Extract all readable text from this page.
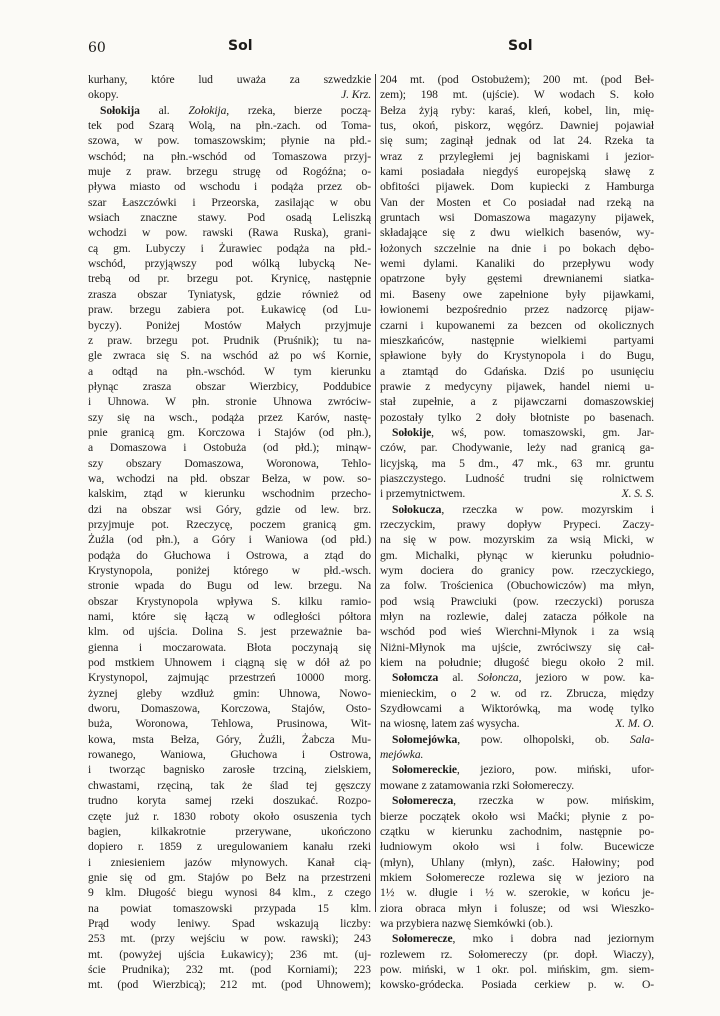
60	Sol	Sol
kurhany, które lud uważa za szwedzkie
J. Krz.
okopy.
Sołokija al. Zołokija, rzeka, bierze począ-
tek pod Szarą Wolą, na płn.-zach. od Toma-
szowa, w pow. tomaszowskim; płynie na płd.-
wschód; na płn.-wschód od Tomaszowa przyj-
muje z praw. brzegu strugę od Rogóźna; o-
pływa miasto od wschodu i podąża przez ob-
szar Łaszczówki i Przeorska, zasilając w obu
wsiach znaczne stawy. Pod osadą Leliszką
wchodzi w pow. rawski (Rawa Ruska), grani-
cą gm. Lubyczy i Żurawiec podąża na płd.-
wschód, przyjąwszy pod wólką lubycką Ne-
trebą od pr. brzegu pot. Krynicę, następnie
zrasza obszar Tyniatysk, gdzie również od
praw. brzegu zabiera pot. Łukawicę (od Lu-
byczy). Poniżej Mostów Małych przyjmuje
z praw. brzegu pot. Prudnik (Pruśnik); tu na-
gle zwraca się S. na wschód aż po wś Kornie,
a odtąd na płn.-wschód. W tym kierunku
płynąc zrasza obszar Wierzbicy, Poddubice
i Uhnowa. W płn. stronie Uhnowa zwróciw-
szy się na wsch., podąża przez Karów, nastę-
pnie granicą gm. Korczowa i Stajów (od płn.),
a Domaszowa i Ostobuża (od płd.); minąw-
szy obszary Domaszowa, Woronowa, Tehlo-
wa, wchodzi na płd. obszar Bełza, w pow. so-
kalskim, ztąd w kierunku wschodnim przecho-
dzi na obszar wsi Góry, gdzie od lew. brz.
przyjmuje pot. Rzeczycę, poczem granicą gm.
Żuźla (od płn.), a Góry i Waniowa (od płd.)
podąża do Głuchowa i Ostrowa, a ztąd do
Krystynopola, poniżej którego w płd.-wsch.
stronie wpada do Bugu od lew. brzegu. Na
obszar Krystynopola wpływa S. kilku ramio-
nami, które się łączą w odległości półtora
klm. od ujścia. Dolina S. jest przeważnie ba-
gienna i moczarowata. Błota poczynają się
pod mstkiem Uhnowem i ciągną się w dół aż po
Krystynopol, zajmując przestrzeń 10000 morg.
żyznej gleby wzdłuż gmin: Uhnowa, Nowo-
dworu, Domaszowa, Korczowa, Stajów, Osto-
buża, Woronowa, Tehlowa, Prusinowa, Wit-
kowa, msta Bełza, Góry, Żuźli, Żabcza Mu-
rowanego, Waniowa, Głuchowa i Ostrowa,
i tworząc bagnisko zarosłe trzciną, zielskiem,
chwastami, rzęciną, tak że ślad tej gęszczy
trudno koryta samej rzeki doszukać. Rozpo-
częte już r. 1830 roboty około osuszenia tych
bagien, kilkakrotnie przerywane, ukończono
dopiero r. 1859 z uregulowaniem kanału rzeki
i zniesieniem jazów młynowych. Kanał cią-
gnie się od gm. Stajów po Bełz na przestrzeni
9 klm. Długość biegu wynosi 84 klm., z czego
na powiat tomaszowski przypada 15 klm.
Prąd wody leniwy. Spad wskazują liczby:
253 mt. (przy wejściu w pow. rawski); 243
mt. (powyżej ujścia Łukawicy); 236 mt. (uj-
ście Prudnika); 232 mt. (pod Korniami); 223
mt. (pod Wierzbicą); 212 mt. (pod Uhnowem);
204 mt. (pod Ostobużem); 200 mt. (pod Beł-
zem); 198 mt. (ujście). W wodach S. koło
Bełza żyją ryby: karaś, kleń, kobel, lin, mię-
tus, okoń, piskorz, węgórz. Dawniej pojawiał
się sum; zaginął jednak od lat 24. Rzeka ta
wraz z przyległemi jej bagniskami i jezior-
kami posiadała niegdyś europejską sławę z
obfitości pijawek. Dom kupiecki z Hamburga
Van der Mosten et Co posiadał nad rzeką na
gruntach wsi Domaszowa magazyny pijawek,
składające się z dwu wielkich basenów, wy-
łożonych szczelnie na dnie i po bokach dębo-
wemi dylami. Kanaliki do przepływu wody
opatrzone były gęstemi drewnianemi siatka-
mi. Baseny owe zapełnione były pijawkami,
łowionemi bezpośrednio przez nadzorcę pijaw-
czarni i kupowanemi za bezcen od okolicznych
mieszkańców, następnie wielkiemi partyami
spławione były do Krystynopola i do Bugu,
a ztamtąd do Gdańska. Dziś po usunięciu
prawie z medycyny pijawek, handel niemi u-
stał zupełnie, a z pijawczarni domaszowskiej
pozostały tylko 2 doły błotniste po basenach.
Sołokije, wś, pow. tomaszowski, gm. Jar-
czów, par. Chodywanie, leży nad granicą ga-
licyjską, ma 5 dm., 47 mk., 63 mr. gruntu
piaszczystego. Ludność trudni się rolnictwem
X. S. S.
i przemytnictwem.
Sołokucza, rzeczka w pow. mozyrskim i
rzeczyckim, prawy dopływ Prypeci. Zaczy-
na się w pow. mozyrskim za wsią Micki, w
gm. Michalki, płynąc w kierunku południo-
wym dociera do granicy pow. rzeczyckiego,
za folw. Trościenica (Obuchowiczów) ma młyn,
pod wsią Prawciuki (pow. rzeczycki) porusza
młyn na rozlewie, dalej zatacza półkole na
wschód pod wieś Wierchni-Młynok i za wsią
Niżni-Młynok ma ujście, zwróciwszy się cał-
kiem na południe; długość biegu około 2 mil.
Sołomcza al. Sołoncza, jezioro w pow. ka-
mienieckim, o 2 w. od rz. Zbrucza, między
Szydłowcami a Wiktorówką, ma wodę tylko
X. M. O.
na wiosnę, latem zaś wysycha.
Sołomejówka, pow. olhopolski, ob. Sala-
mejówka.
Sołomereckie, jezioro, pow. miński, ufor-
mowane z zatamowania rzki Sołomereczy.
Sołomerecza, rzeczka w pow. mińskim,
bierze początek około wsi Maćki; płynie z po-
czątku w kierunku zachodnim, następnie po-
łudniowym około wsi i folw. Bucewicze
(młyn), Uhlany (młyn), zaśc. Hałowiny; pod
mkiem Sołomerecze rozlewa się w jezioro na
1½ w. długie i ½ w. szerokie, w końcu je-
ziora obraca młyn i folusze; od wsi Wieszko-
wa przybiera nazwę Siemkówki (ob.).
Sołomerecze, mko i dobra nad jeziornym
rozlewem rz. Sołomereczy (pr. dopł. Wiaczy),
pow. miński, w 1 okr. pol. mińskim, gm. siem-
kowsko-gródecka. Posiada cerkiew p. w. O-
